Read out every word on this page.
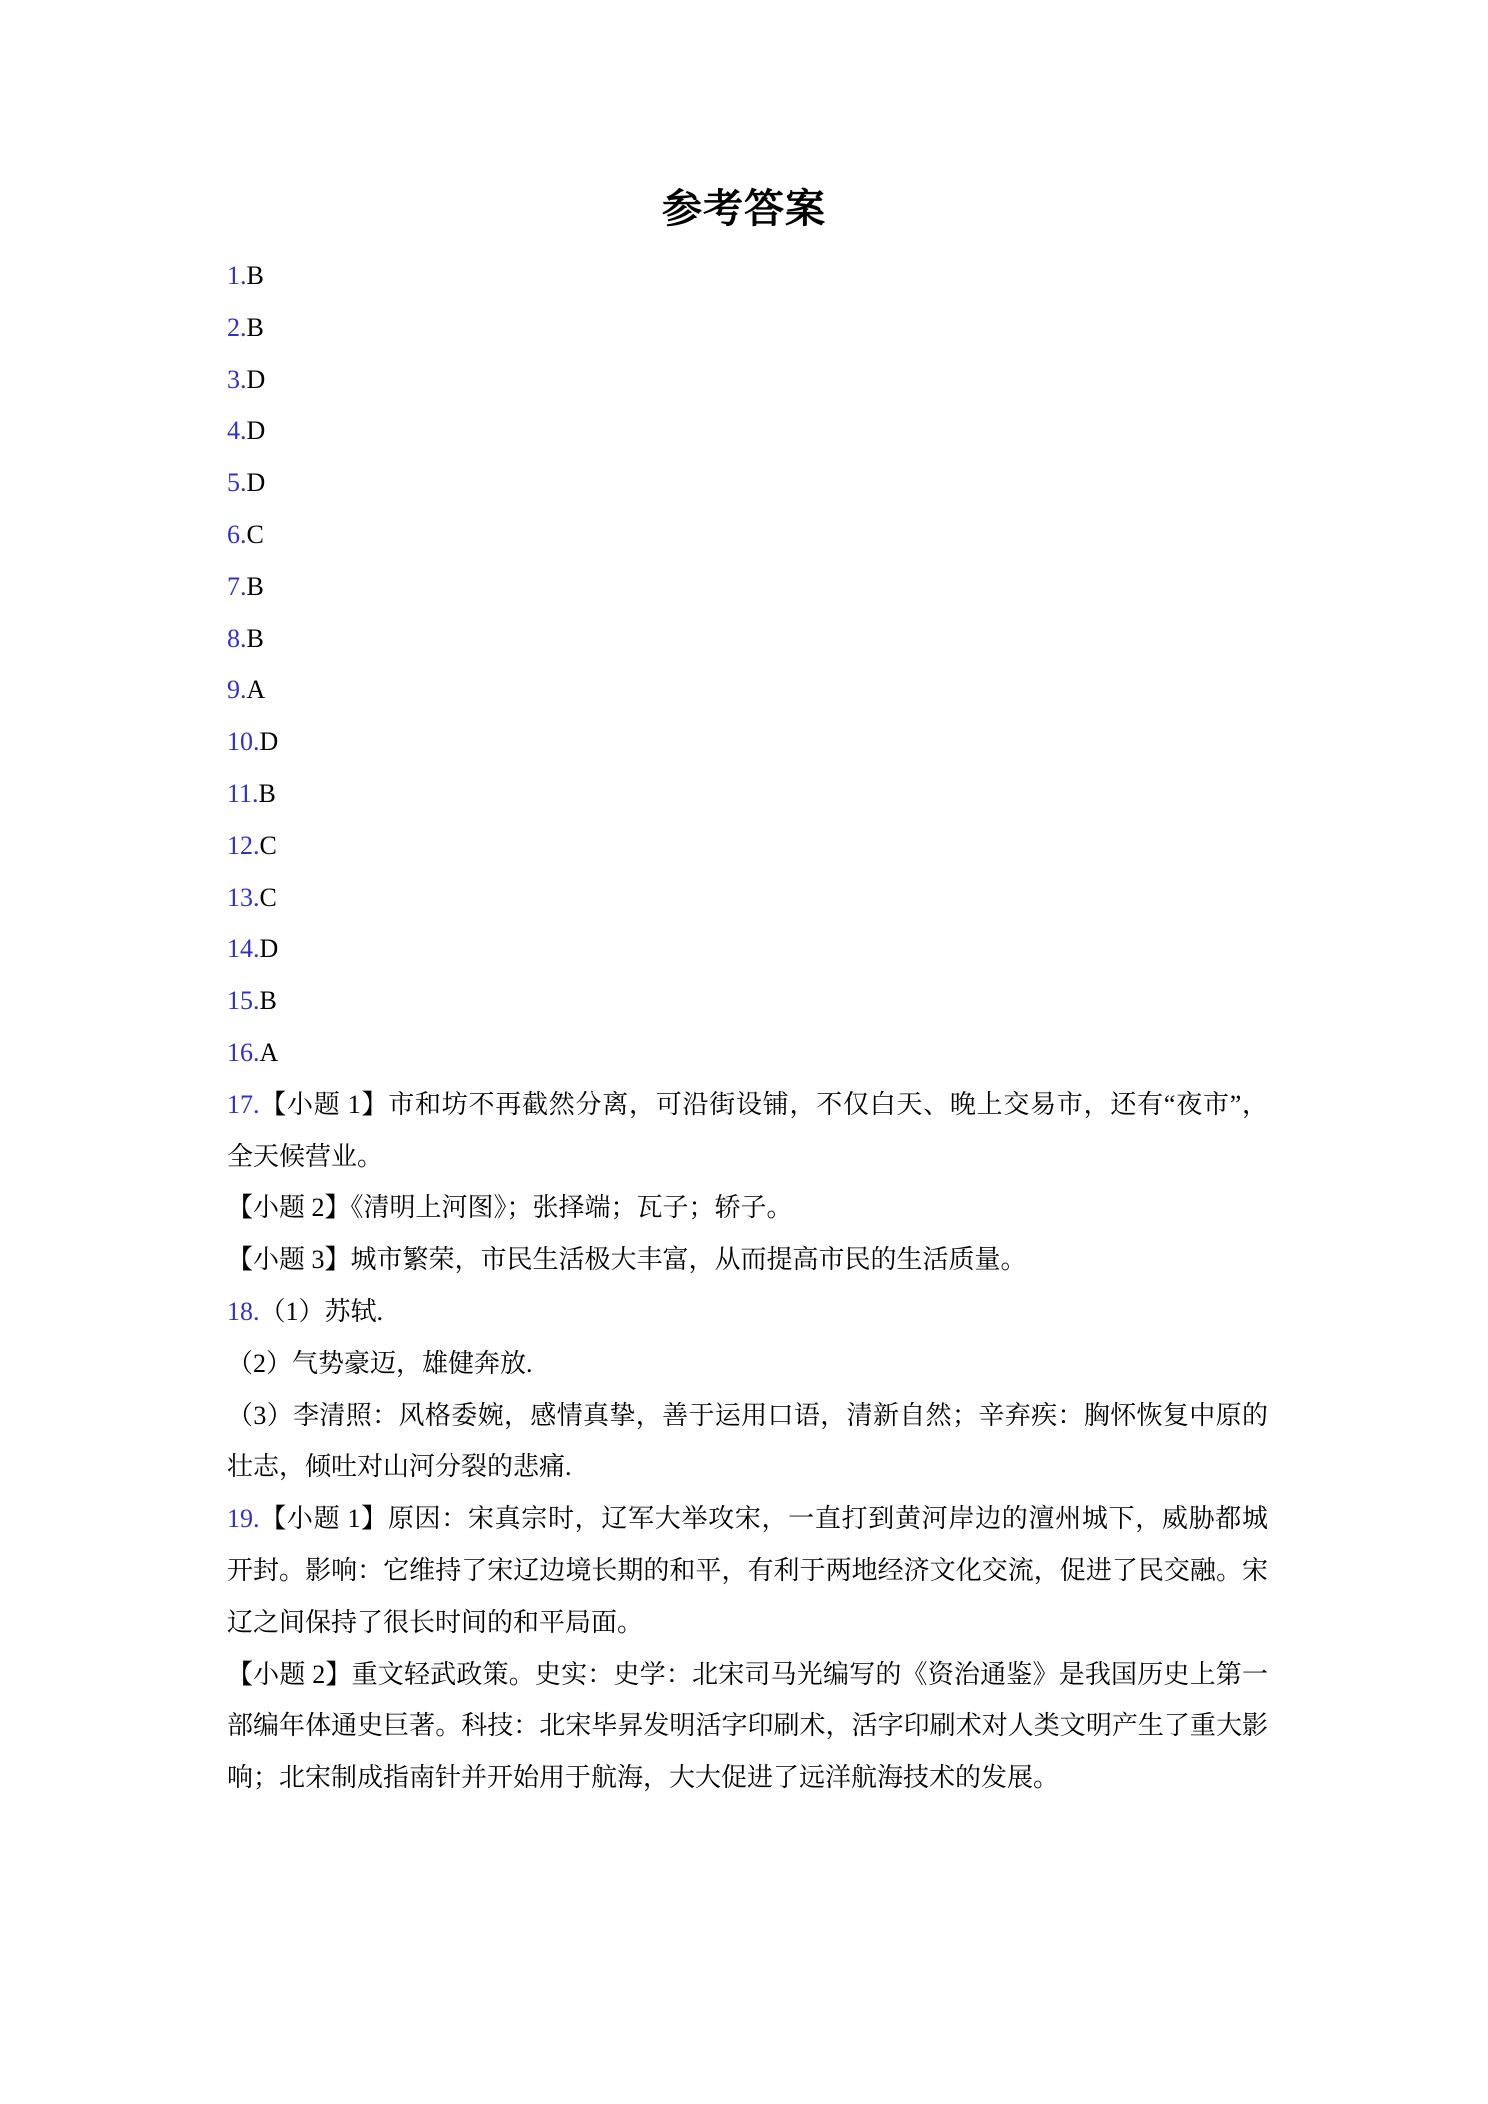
参考答案
1.B
2.B
3.D
4.D
5.D
6.C
7.B
8.B
9.A
10.D
11.B
12.C
13.C
14.D
15.B
16.A
17.【小题 1】市和坊不再截然分离，可沿街设铺，不仅白天、晚上交易市，还有“夜市”，
全天候营业。
【小题 2】《清明上河图》；张择端；瓦子；轿子。
【小题 3】城市繁荣，市民生活极大丰富，从而提高市民的生活质量。
18.（1）苏轼.
（2）气势豪迈，雄健奔放.
（3）李清照：风格委婉，感情真挚，善于运用口语，清新自然；辛弃疾：胸怀恢复中原的
壮志，倾吐对山河分裂的悲痛.
19.【小题 1】原因：宋真宗时，辽军大举攻宋，一直打到黄河岸边的澶州城下，威胁都城
开封。影响：它维持了宋辽边境长期的和平，有利于两地经济文化交流，促进了民交融。宋
辽之间保持了很长时间的和平局面。
【小题 2】重文轻武政策。史实：史学：北宋司马光编写的《资治通鉴》是我国历史上第一
部编年体通史巨著。科技：北宋毕昇发明活字印刷术，活字印刷术对人类文明产生了重大影
响；北宋制成指南针并开始用于航海，大大促进了远洋航海技术的发展。
